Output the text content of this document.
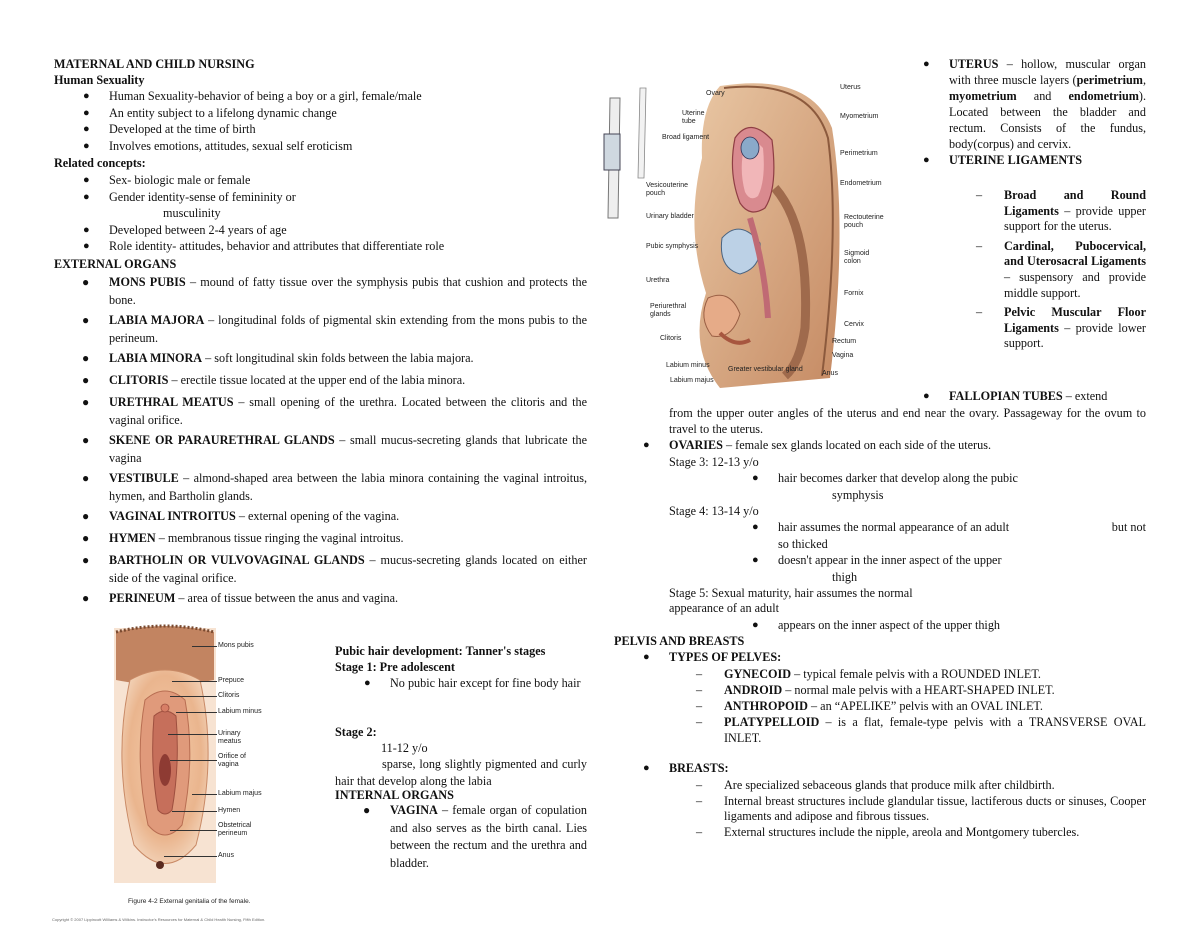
MATERNAL AND CHILD NURSING
Human Sexuality
● Human Sexuality-behavior of being a boy or a girl, female/male
● An entity subject to a lifelong dynamic change
● Developed at the time of birth
● Involves emotions, attitudes, sexual self eroticism
Related concepts:
● Sex- biologic male or female
● Gender identity-sense of femininity or
musculinity
● Developed between 2-4 years of age
● Role identity- attitudes, behavior and attributes that differentiate role
EXTERNAL ORGANS
● MONS PUBIS – mound of fatty tissue over the symphysis pubis that cushion and protects the bone.
● LABIA MAJORA – longitudinal folds of pigmental skin extending from the mons pubis to the perineum.
● LABIA MINORA – soft longitudinal skin folds between the labia majora.
● CLITORIS – erectile tissue located at the upper end of the labia minora.
● URETHRAL MEATUS – small opening of the urethra. Located between the clitoris and the vaginal orifice.
● SKENE OR PARAURETHRAL GLANDS – small mucus-secreting glands that lubricate the vagina
● VESTIBULE – almond-shaped area between the labia minora containing the vaginal introitus, hymen, and Bartholin glands.
● VAGINAL INTROITUS – external opening of the vagina.
● HYMEN – membranous tissue ringing the vaginal introitus.
● BARTHOLIN OR VULVOVAGINAL GLANDS – mucus-secreting glands located on either side of the vaginal orifice.
● PERINEUM – area of tissue between the anus and vagina.
Mons pubis
Prepuce
Clitoris
Labium minus
Urinary meatus
Orifice of vagina
Labium majus
Hymen
Obstetrical perineum
Anus
Figure 4-2 External genitalia of the female.
Copyright © 2007 Lippincott Williams & Wilkins. Instructor's Resources for Maternal & Child Health Nursing, Fifth Edition.
Pubic hair development: Tanner's stages
Stage 1: Pre adolescent
● No pubic hair except for fine body hair
Stage 2:
11-12 y/o
sparse, long slightly pigmented and curly hair that develop along the labia
INTERNAL ORGANS
● VAGINA – female organ of copulation and also serves as the birth canal. Lies between the rectum and the urethra and bladder.
Ovary
Uterine tube
Broad ligament
Vesicouterine pouch
Urinary bladder
Pubic symphysis
Urethra
Periurethral glands
Clitoris
Labium minus
Labium majus
Uterus
Myometrium
Perimetrium
Endometrium
Rectouterine pouch
Sigmoid colon
Fornix
Cervix
Rectum
Vagina
Anus
Greater vestibular gland
● UTERUS – hollow, muscular organ with three muscle layers (perimetrium, myometrium and endometrium). Located between the bladder and rectum. Consists of the fundus, body(corpus) and cervix.
● UTERINE LIGAMENTS
– Broad and Round Ligaments – provide upper support for the uterus.
– Cardinal, Pubocervical, and Uterosacral Ligaments – suspensory and provide middle support.
– Pelvic Muscular Floor Ligaments – provide lower support.
● FALLOPIAN TUBES – extend
from the upper outer angles of the uterus and end near the ovary. Passageway for the ovum to travel to the uterus.
● OVARIES – female sex glands located on each side of the uterus.
Stage 3: 12-13 y/o
● hair becomes darker that develop along the pubic
symphysis
Stage 4: 13-14 y/o
● hair assumes the normal appearance of an adult	but not
so thicked
● doesn't appear in the inner aspect of the upper
thigh
Stage 5: Sexual maturity, hair assumes the normal
appearance of an adult
● appears on the inner aspect of the upper thigh
PELVIS AND BREASTS
● TYPES OF PELVES:
– GYNECOID – typical female pelvis with a ROUNDED INLET.
– ANDROID – normal male pelvis with a HEART-SHAPED INLET.
– ANTHROPOID – an “APELIKE” pelvis with an OVAL INLET.
– PLATYPELLOID – is a flat, female-type pelvis with a TRANSVERSE OVAL INLET.
● BREASTS:
– Are specialized sebaceous glands that produce milk after childbirth.
– Internal breast structures include glandular tissue, lactiferous ducts or sinuses, Cooper ligaments and adipose and fibrous tissues.
– External structures include the nipple, areola and Montgomery tubercles.
